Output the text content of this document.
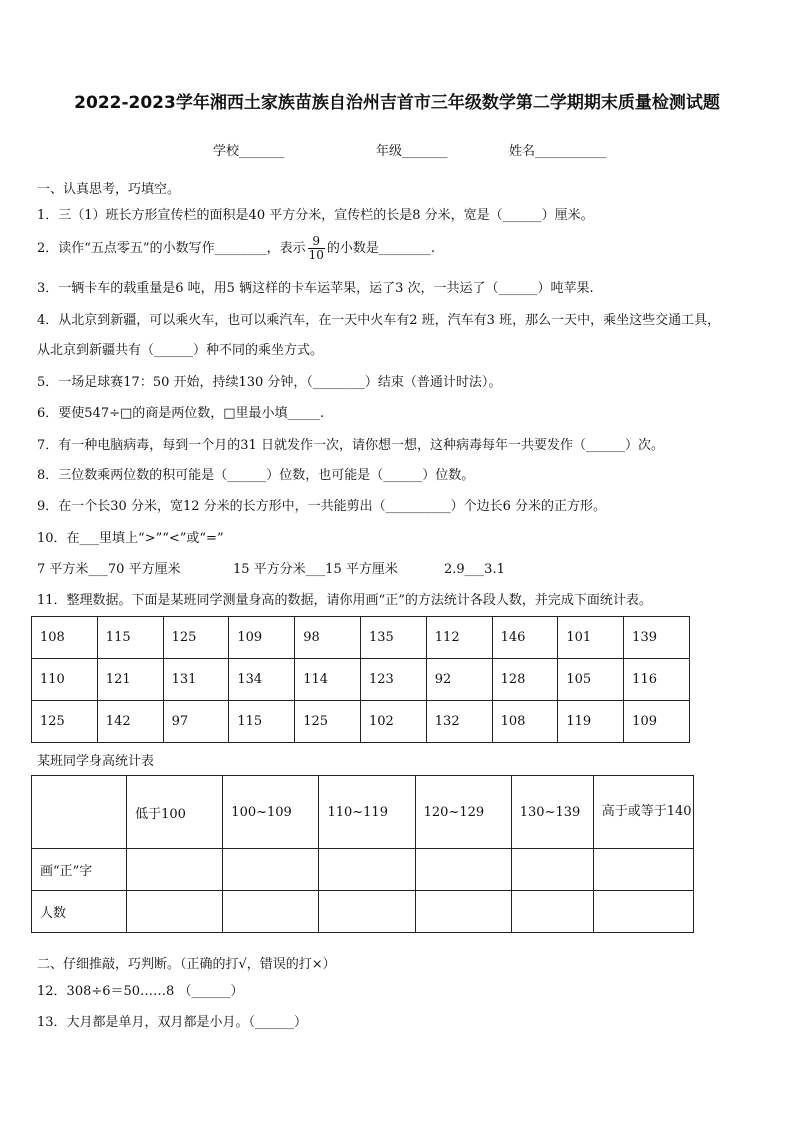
2022-2023学年湘西土家族苗族自治州吉首市三年级数学第二学期期末质量检测试题
学校_______	年级_______	姓名___________
一、认真思考，巧填空。
1．三（1）班长方形宣传栏的面积是40 平方分米，宣传栏的长是8 分米，宽是（______）厘米。
2．读作“五点零五”的小数写作________，表示 $\frac{9}{10}$ 的小数是________.
3．一辆卡车的载重量是6 吨，用5 辆这样的卡车运苹果，运了3 次，一共运了（______）吨苹果.
4．从北京到新疆，可以乘火车，也可以乘汽车，在一天中火车有2 班，汽车有3 班，那么一天中，乘坐这些交通工具，
从北京到新疆共有（______）种不同的乘坐方式。
5．一场足球赛17：50 开始，持续130 分钟，（________）结束（普通计时法）。
6．要使547÷□的商是两位数，□里最小填_____.
7．有一种电脑病毒，每到一个月的31 日就发作一次，请你想一想，这种病毒每年一共要发作（______）次。
8．三位数乘两位数的积可能是（______）位数，也可能是（______）位数。
9．在一个长30 分米，宽12 分米的长方形中，一共能剪出（__________）个边长6 分米的正方形。
10．在___里填上“>”“<”或“=”
7 平方米___70 平方厘米	15 平方分米___15 平方厘米	2.9___3.1
11．整理数据。下面是某班同学测量身高的数据，请你用画“正”的方法统计各段人数，并完成下面统计表。
108	115	125	109	98	135	112	146	101	139
110	121	131	134	114	123	92	128	105	116
125	142	97	115	125	102	132	108	119	109
某班同学身高统计表
	低于100	100~109	110~119	120~129	130~139	高于或等于140
画“正”字						
人数						
二、仔细推敲，巧判断。（正确的打√，错误的打×）
12．308÷6＝50……8 （______）
13．大月都是单月，双月都是小月。（______）
